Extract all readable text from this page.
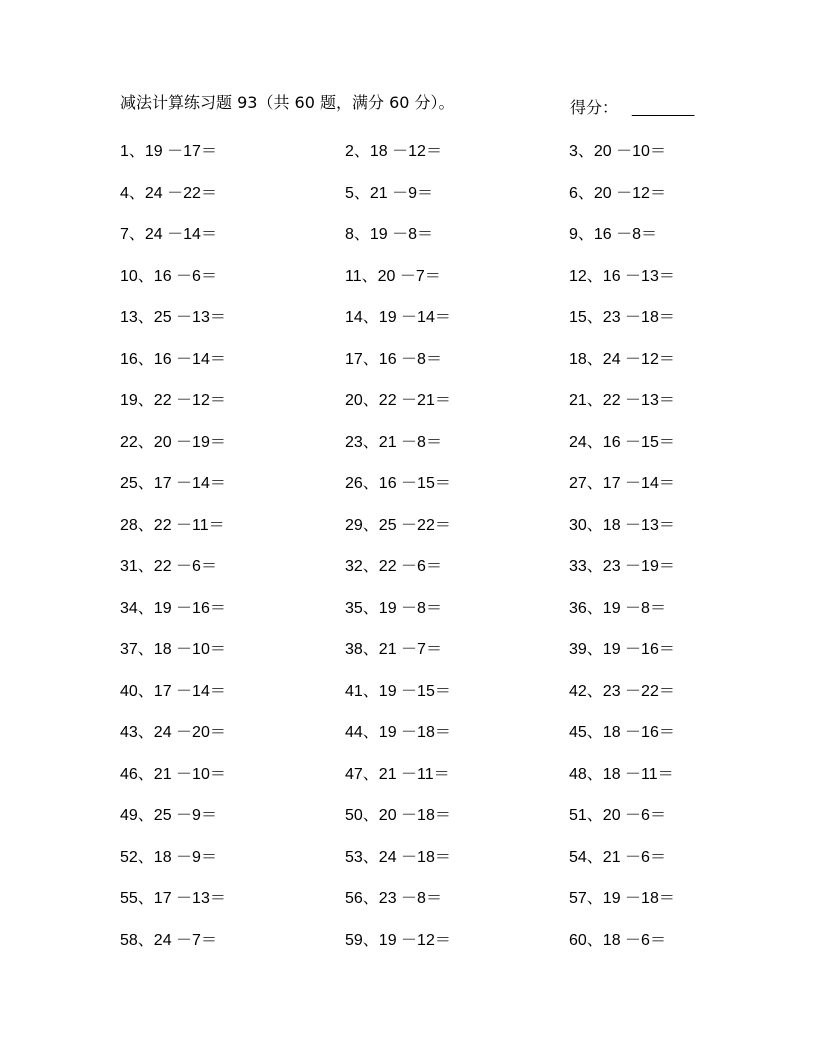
减法计算练习题 93（共 60 题，满分 60 分）。	得分： _______
1、19 －17＝	2、18 －12＝	3、20 －10＝
4、24 －22＝	5、21 －9＝	6、20 －12＝
7、24 －14＝	8、19 －8＝	9、16 －8＝
10、16 －6＝	11、20 －7＝	12、16 －13＝
13、25 －13＝	14、19 －14＝	15、23 －18＝
16、16 －14＝	17、16 －8＝	18、24 －12＝
19、22 －12＝	20、22 －21＝	21、22 －13＝
22、20 －19＝	23、21 －8＝	24、16 －15＝
25、17 －14＝	26、16 －15＝	27、17 －14＝
28、22 －11＝	29、25 －22＝	30、18 －13＝
31、22 －6＝	32、22 －6＝	33、23 －19＝
34、19 －16＝	35、19 －8＝	36、19 －8＝
37、18 －10＝	38、21 －7＝	39、19 －16＝
40、17 －14＝	41、19 －15＝	42、23 －22＝
43、24 －20＝	44、19 －18＝	45、18 －16＝
46、21 －10＝	47、21 －11＝	48、18 －11＝
49、25 －9＝	50、20 －18＝	51、20 －6＝
52、18 －9＝	53、24 －18＝	54、21 －6＝
55、17 －13＝	56、23 －8＝	57、19 －18＝
58、24 －7＝	59、19 －12＝	60、18 －6＝
